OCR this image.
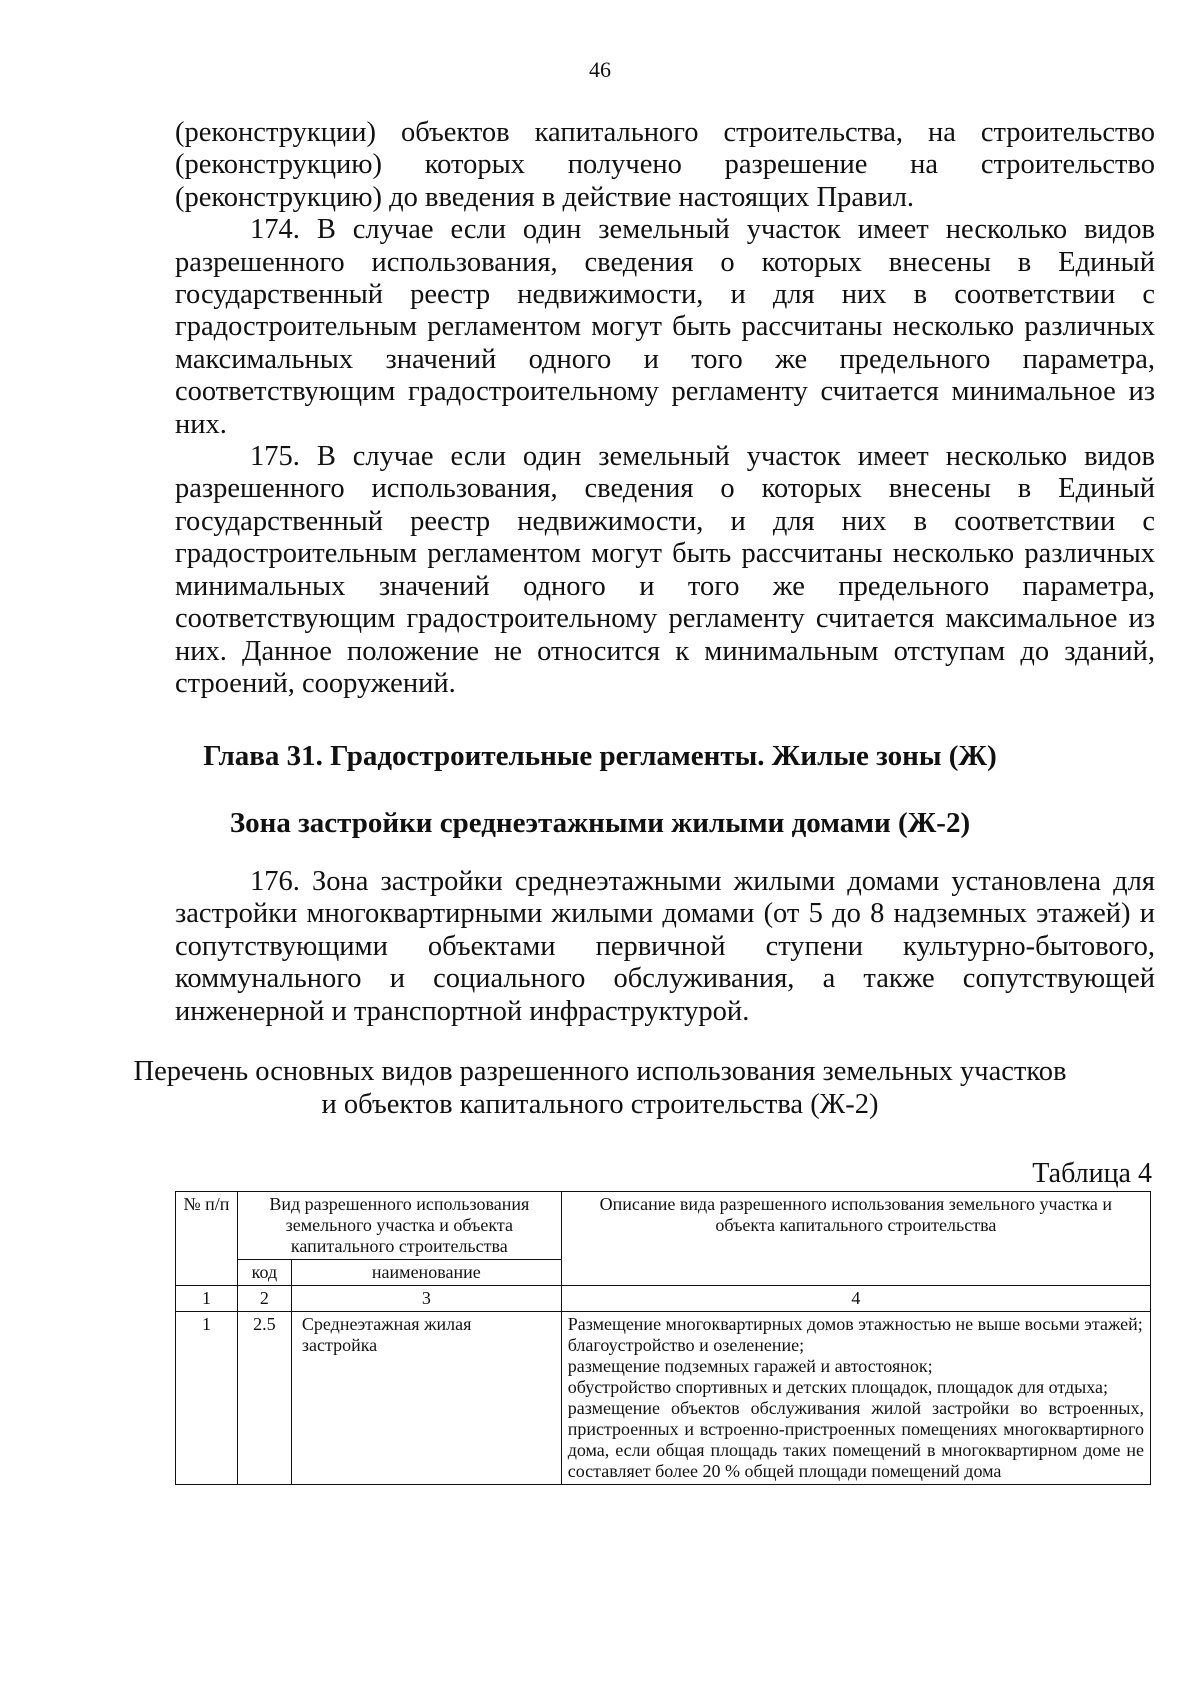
46

(реконструкции) объектов капитального строительства, на строительство (реконструкцию) которых получено разрешение на строительство (реконструкцию) до введения в действие настоящих Правил.

174. В случае если один земельный участок имеет несколько видов разрешенного использования, сведения о которых внесены в Единый государственный реестр недвижимости, и для них в соответствии с градостроительным регламентом могут быть рассчитаны несколько различных максимальных значений одного и того же предельного параметра, соответствующим градостроительному регламенту считается минимальное из них.

175. В случае если один земельный участок имеет несколько видов разрешенного использования, сведения о которых внесены в Единый государственный реестр недвижимости, и для них в соответствии с градостроительным регламентом могут быть рассчитаны несколько различных минимальных значений одного и того же предельного параметра, соответствующим градостроительному регламенту считается максимальное из них. Данное положение не относится к минимальным отступам до зданий, строений, сооружений.

Глава 31. Градостроительные регламенты. Жилые зоны (Ж)
Зона застройки среднеэтажными жилыми домами (Ж-2)

176. Зона застройки среднеэтажными жилыми домами установлена для застройки многоквартирными жилыми домами (от 5 до 8 надземных этажей) и сопутствующими объектами первичной ступени культурно-бытового, коммунального и социального обслуживания, а также сопутствующей инженерной и транспортной инфраструктурой.

Перечень основных видов разрешенного использования земельных участков
и объектов капитального строительства (Ж-2)
Таблица 4
№ п/п	Вид разрешенного использования земельного участка и объекта капитального строительства		Описание вида разрешенного использования земельного участка и объекта капитального строительства
	код	наименование	
1	2	3	4
1	2.5	Среднеэтажная жилая застройка	Размещение многоквартирных домов этажностью не выше восьми этажей;
благоустройство и озеленение;
размещение подземных гаражей и автостоянок;
обустройство спортивных и детских площадок, площадок для отдыха;
размещение объектов обслуживания жилой застройки во встроенных, пристроенных и встроенно-пристроенных помещениях многоквартирного дома, если общая площадь таких помещений в многоквартирном доме не составляет более 20 % общей площади помещений дома
